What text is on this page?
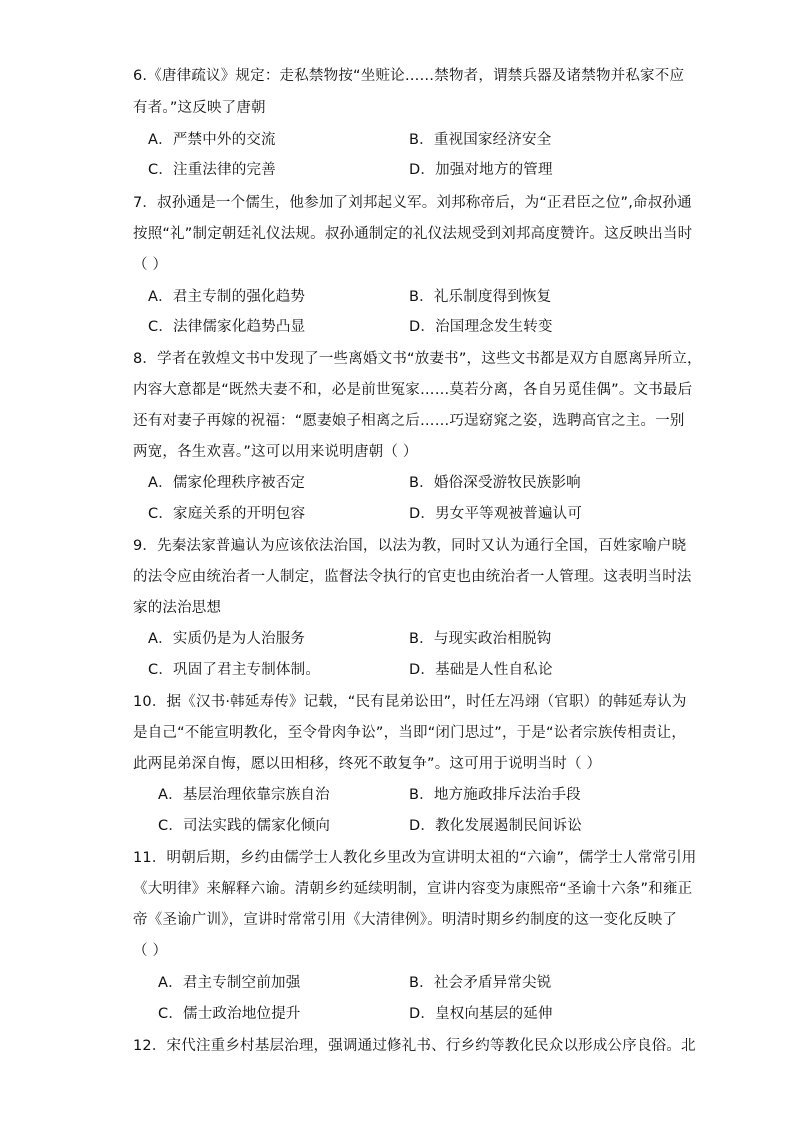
6.《唐律疏议》规定：走私禁物按“坐赃论……禁物者，谓禁兵器及诸禁物并私家不应
有者。”这反映了唐朝
A．严禁中外的交流	B．重视国家经济安全
C．注重法律的完善	D．加强对地方的管理
7．叔孙通是一个儒生，他参加了刘邦起义军。刘邦称帝后，为“正君臣之位”,命叔孙通
按照“礼”制定朝廷礼仪法规。叔孙通制定的礼仪法规受到刘邦高度赞许。这反映出当时
（ ）
A．君主专制的强化趋势	B．礼乐制度得到恢复
C．法律儒家化趋势凸显	D．治国理念发生转变
8．学者在敦煌文书中发现了一些离婚文书“放妻书”，这些文书都是双方自愿离异所立，
内容大意都是“既然夫妻不和，必是前世冤家……莫若分离，各自另觅佳偶”。文书最后
还有对妻子再嫁的祝福：“愿妻娘子相离之后……巧逞窈窕之姿，选聘高官之主。一别
两宽，各生欢喜。”这可以用来说明唐朝（ ）
A．儒家伦理秩序被否定	B．婚俗深受游牧民族影响
C．家庭关系的开明包容	D．男女平等观被普遍认可
9．先秦法家普遍认为应该依法治国，以法为教，同时又认为通行全国，百姓家喻户晓
的法令应由统治者一人制定，监督法令执行的官吏也由统治者一人管理。这表明当时法
家的法治思想
A．实质仍是为人治服务	B．与现实政治相脱钩
C．巩固了君主专制体制。	D．基础是人性自私论
10．据《汉书·韩延寿传》记载，“民有昆弟讼田”，时任左冯翊（官职）的韩延寿认为
是自己“不能宣明教化，至令骨肉争讼”，当即“闭门思过”，于是“讼者宗族传相责让，
此两昆弟深自悔，愿以田相移，终死不敢复争”。这可用于说明当时（ ）
A．基层治理依靠宗族自治	B．地方施政排斥法治手段
C．司法实践的儒家化倾向	D．教化发展遏制民间诉讼
11．明朝后期，乡约由儒学士人教化乡里改为宣讲明太祖的“六谕”，儒学士人常常引用
《大明律》来解释六谕。清朝乡约延续明制，宣讲内容变为康熙帝“圣谕十六条”和雍正
帝《圣谕广训》，宣讲时常常引用《大清律例》。明清时期乡约制度的这一变化反映了
（ ）
A．君主专制空前加强	B．社会矛盾异常尖锐
C．儒士政治地位提升	D．皇权向基层的延伸
12．宋代注重乡村基层治理，强调通过修礼书、行乡约等教化民众以形成公序良俗。北
